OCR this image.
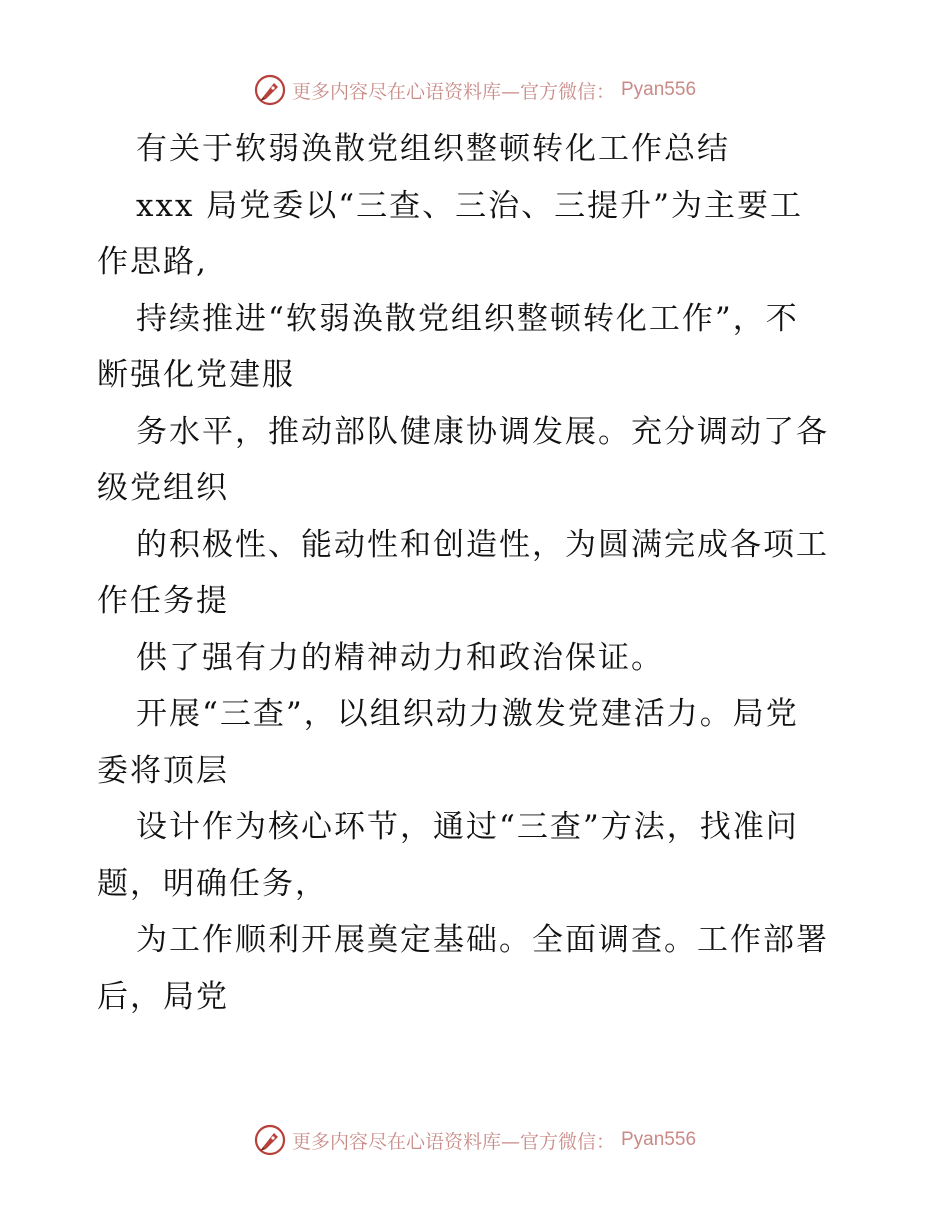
更多内容尽在心语资料库—官方微信： Pyan556
有关于软弱涣散党组织整顿转化工作总结
xxx 局党委以“三查、三治、三提升”为主要工
作思路,
持续推进“软弱涣散党组织整顿转化工作”，不
断强化党建服
务水平，推动部队健康协调发展。充分调动了各
级党组织
的积极性、能动性和创造性，为圆满完成各项工
作任务提
供了强有力的精神动力和政治保证。
开展“三查”，以组织动力激发党建活力。局党
委将顶层
设计作为核心环节，通过“三查”方法，找准问
题，明确任务，
为工作顺利开展奠定基础。全面调查。工作部署
后，局党
更多内容尽在心语资料库—官方微信： Pyan556
